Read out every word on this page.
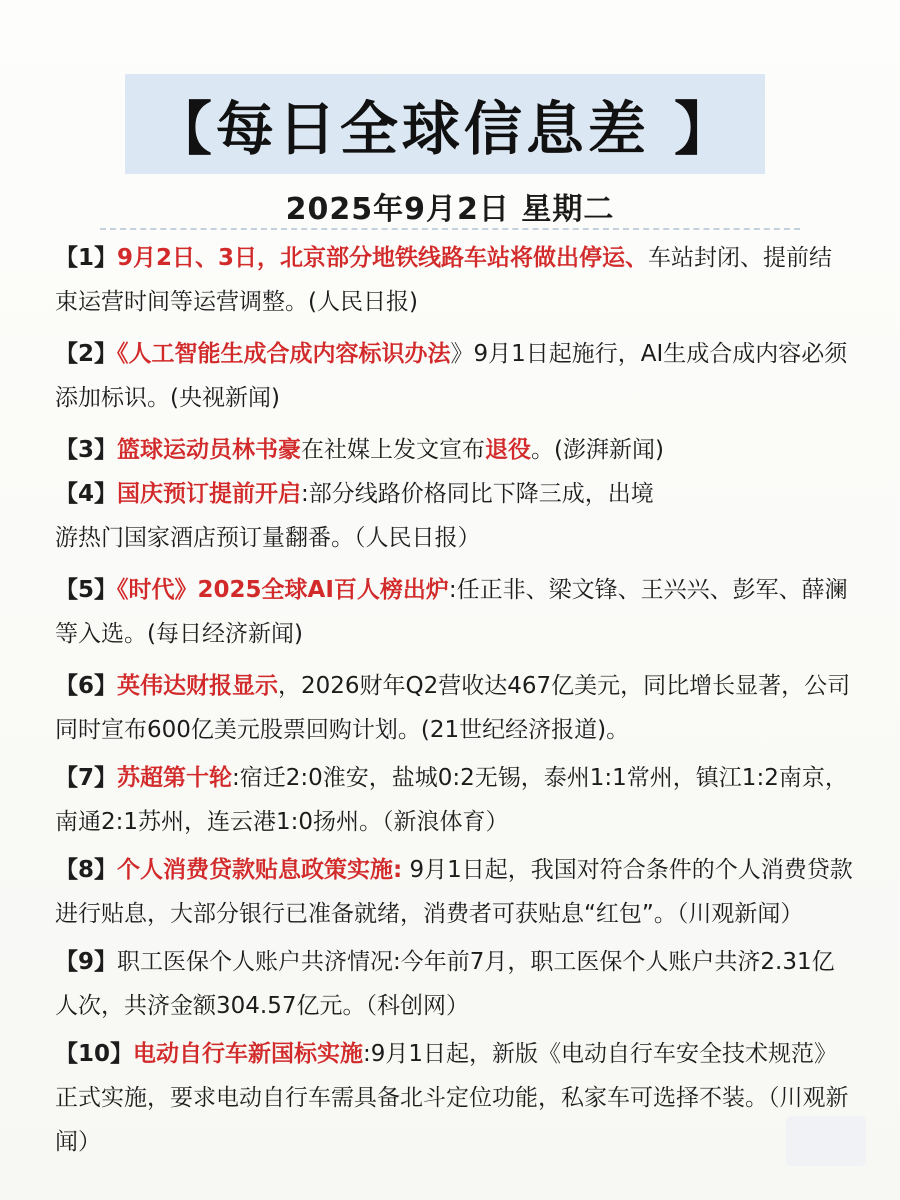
【每日全球信息差 】
2025年9月2日 星期二

【1】9月2日、3日，北京部分地铁线路车站将做出停运、车站封闭、提前结束运营时间等运营调整。(人民日报)

【2】《人工智能生成合成内容标识办法》9月1日起施行，AI生成合成内容必须添加标识。(央视新闻)

【3】篮球运动员林书豪在社媒上发文宣布退役。(澎湃新闻)

【4】国庆预订提前开启:部分线路价格同比下降三成，出境
游热门国家酒店预订量翻番。（人民日报）

【5】《时代》2025全球AI百人榜出炉:任正非、梁文锋、王兴兴、彭军、薛澜等入选。(每日经济新闻)

【6】英伟达财报显示，2026财年Q2营收达467亿美元，同比增长显著，公司同时宣布600亿美元股票回购计划。(21世纪经济报道)。

【7】苏超第十轮:宿迁2:0淮安，盐城0:2无锡，泰州1:1常州，镇江1:2南京，南通2:1苏州，连云港1:0扬州。（新浪体育）

【8】个人消费贷款贴息政策实施: 9月1日起，我国对符合条件的个人消费贷款进行贴息，大部分银行已准备就绪，消费者可获贴息“红包”。（川观新闻）

【9】职工医保个人账户共济情况:今年前7月，职工医保个人账户共济2.31亿人次，共济金额304.57亿元。（科创网）

【10】电动自行车新国标实施:9月1日起，新版《电动自行车安全技术规范》正式实施，要求电动自行车需具备北斗定位功能，私家车可选择不装。（川观新闻）
